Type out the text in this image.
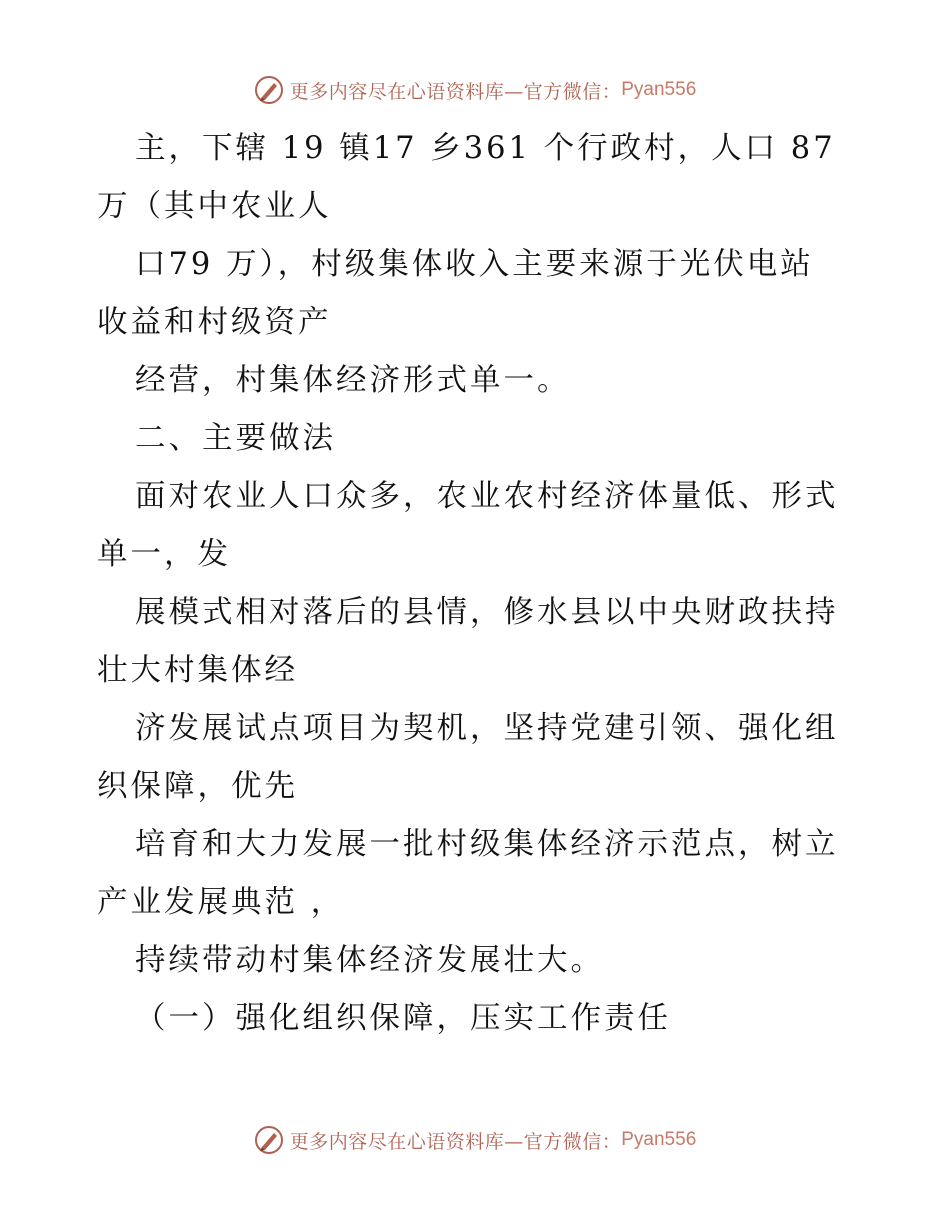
更多内容尽在心语资料库—官方微信： Pyan556
主，下辖 19 镇17 乡361 个行政村，人口 87
万（其中农业人
口79 万），村级集体收入主要来源于光伏电站
收益和村级资产
经营，村集体经济形式单一。
二、主要做法
面对农业人口众多，农业农村经济体量低、形式
单一，发
展模式相对落后的县情，修水县以中央财政扶持
壮大村集体经
济发展试点项目为契机，坚持党建引领、强化组
织保障，优先
培育和大力发展一批村级集体经济示范点，树立
产业发展典范 ，
持续带动村集体经济发展壮大。
（一）强化组织保障，压实工作责任
更多内容尽在心语资料库—官方微信： Pyan556
